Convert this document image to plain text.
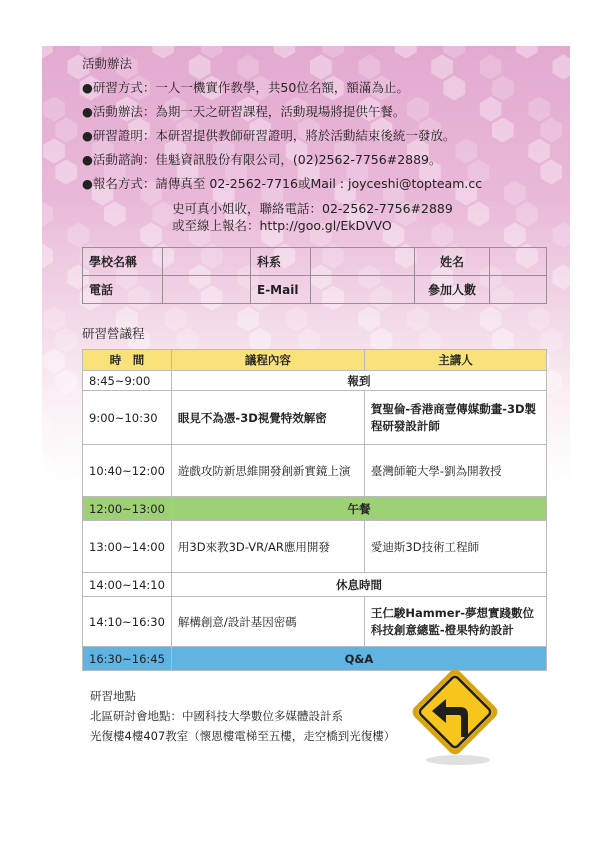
活動辦法
●研習方式：一人一機實作教學，共50位名額，額滿為止。
●活動辦法：為期一天之研習課程，活動現場將提供午餐。
●研習證明：本研習提供教師研習證明，將於活動結束後統一發放。
●活動諮詢：佳魁資訊股份有限公司，(02)2562-7756#2889。
●報名方式：請傳真至 02-2562-7716或Mail : joyceshi@topteam.cc
史可真小姐收，聯絡電話：02-2562-7756#2889
或至線上報名：http://goo.gl/EkDVVO
學校名稱		科系		姓名	
電話		E-Mail		參加人數	
研習營議程
時　間	議程內容	主講人
8:45~9:00	報到	
9:00~10:30	眼見不為憑-3D視覺特效解密	賀聖倫-香港商壹傳媒動畫-3D製程研發設計師
10:40~12:00	遊戲攻防新思維開發創新實鏡上演	臺灣師範大學-劉為開教授
12:00~13:00	午餐	
13:00~14:00	用3D來教3D-VR/AR應用開發	愛迪斯3D技術工程師
14:00~14:10	休息時間	
14:10~16:30	解構創意/設計基因密碼	王仁駿Hammer-夢想實踐數位科技創意總監-橙果特約設計
16:30~16:45	Q&A	
研習地點
北區研討會地點：中國科技大學數位多媒體設計系
光復樓4樓407教室（懷恩樓電梯至五樓，走空橋到光復樓）
